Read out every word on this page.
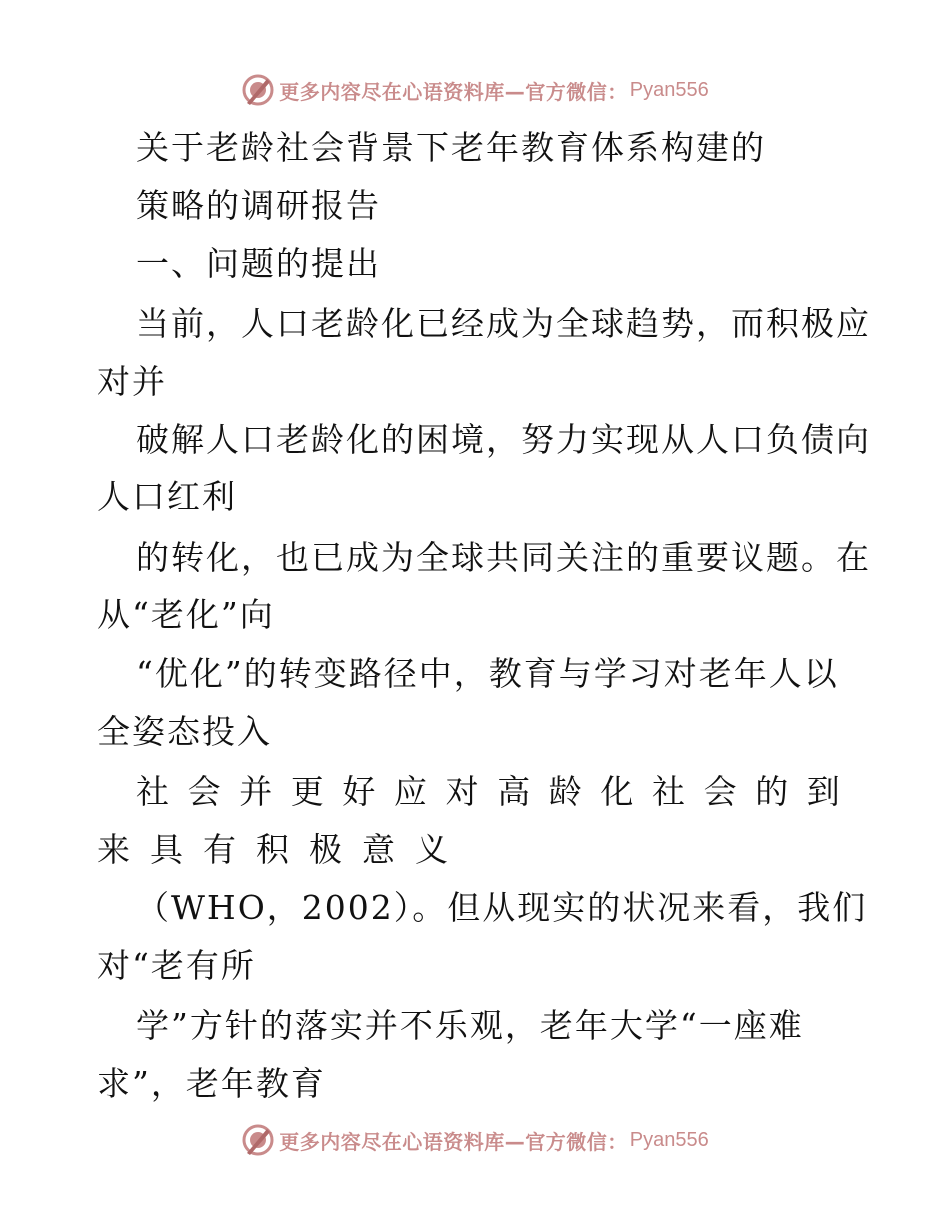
更多内容尽在心语资料库—官方微信： Pyan556
关于老龄社会背景下老年教育体系构建的
策略的调研报告
一、问题的提出
当前，人口老龄化已经成为全球趋势，而积极应
对并
破解人口老龄化的困境，努力实现从人口负债向
人口红利
的转化，也已成为全球共同关注的重要议题。在
从“老化”向
“优化”的转变路径中，教育与学习对老年人以
全姿态投入
社会并更好应对高龄化社会的到
来具有积极意义
（WHO，2002）。但从现实的状况来看，我们
对“老有所
学”方针的落实并不乐观，老年大学“一座难
求”，老年教育
更多内容尽在心语资料库—官方微信： Pyan556
